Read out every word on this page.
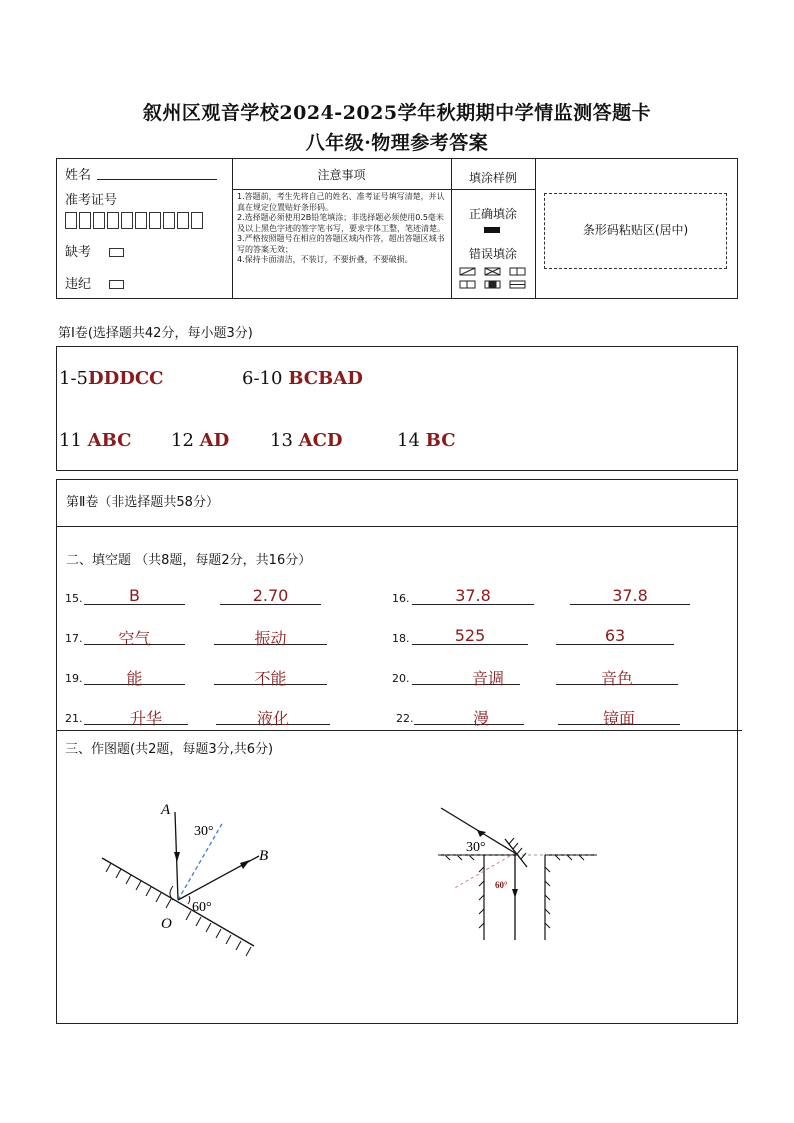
叙州区观音学校2024-2025学年秋期期中学情监测答题卡
八年级·物理参考答案
姓名
准考证号
缺考
违纪
注意事项
1.答题前，考生先将自己的姓名、准考证号填写清楚，并认真在规定位置贴好条形码。
2.选择题必须使用2B铅笔填涂；非选择题必须使用0.5毫米及以上黑色字迹的签字笔书写，要求字体工整，笔迹清楚。
3.严格按照题号在相应的答题区域内作答，超出答题区域书写的答案无效；
4.保持卡面清洁，不装订，不要折叠，不要破损。
填涂样例
正确填涂
错误填涂
条形码粘贴区(居中)
第Ⅰ卷(选择题共42分，每小题3分)
1-5DDDCC	6-10 BCBAD
11 ABC 12 AD 13 ACD	14 BC
第Ⅱ卷（非选择题共58分）
二、填空题 （共8题，每题2分，共16分）
15.	B	2.70	16.	37.8	37.8
17.	空气	振动	18.	525	63
19.	能	不能	20.	音调	音色
21.	升华	液化	22.	漫	镜面
三、作图题(共2题，每题3分,共6分)
A
B
O
30°
60°
30°
60°
